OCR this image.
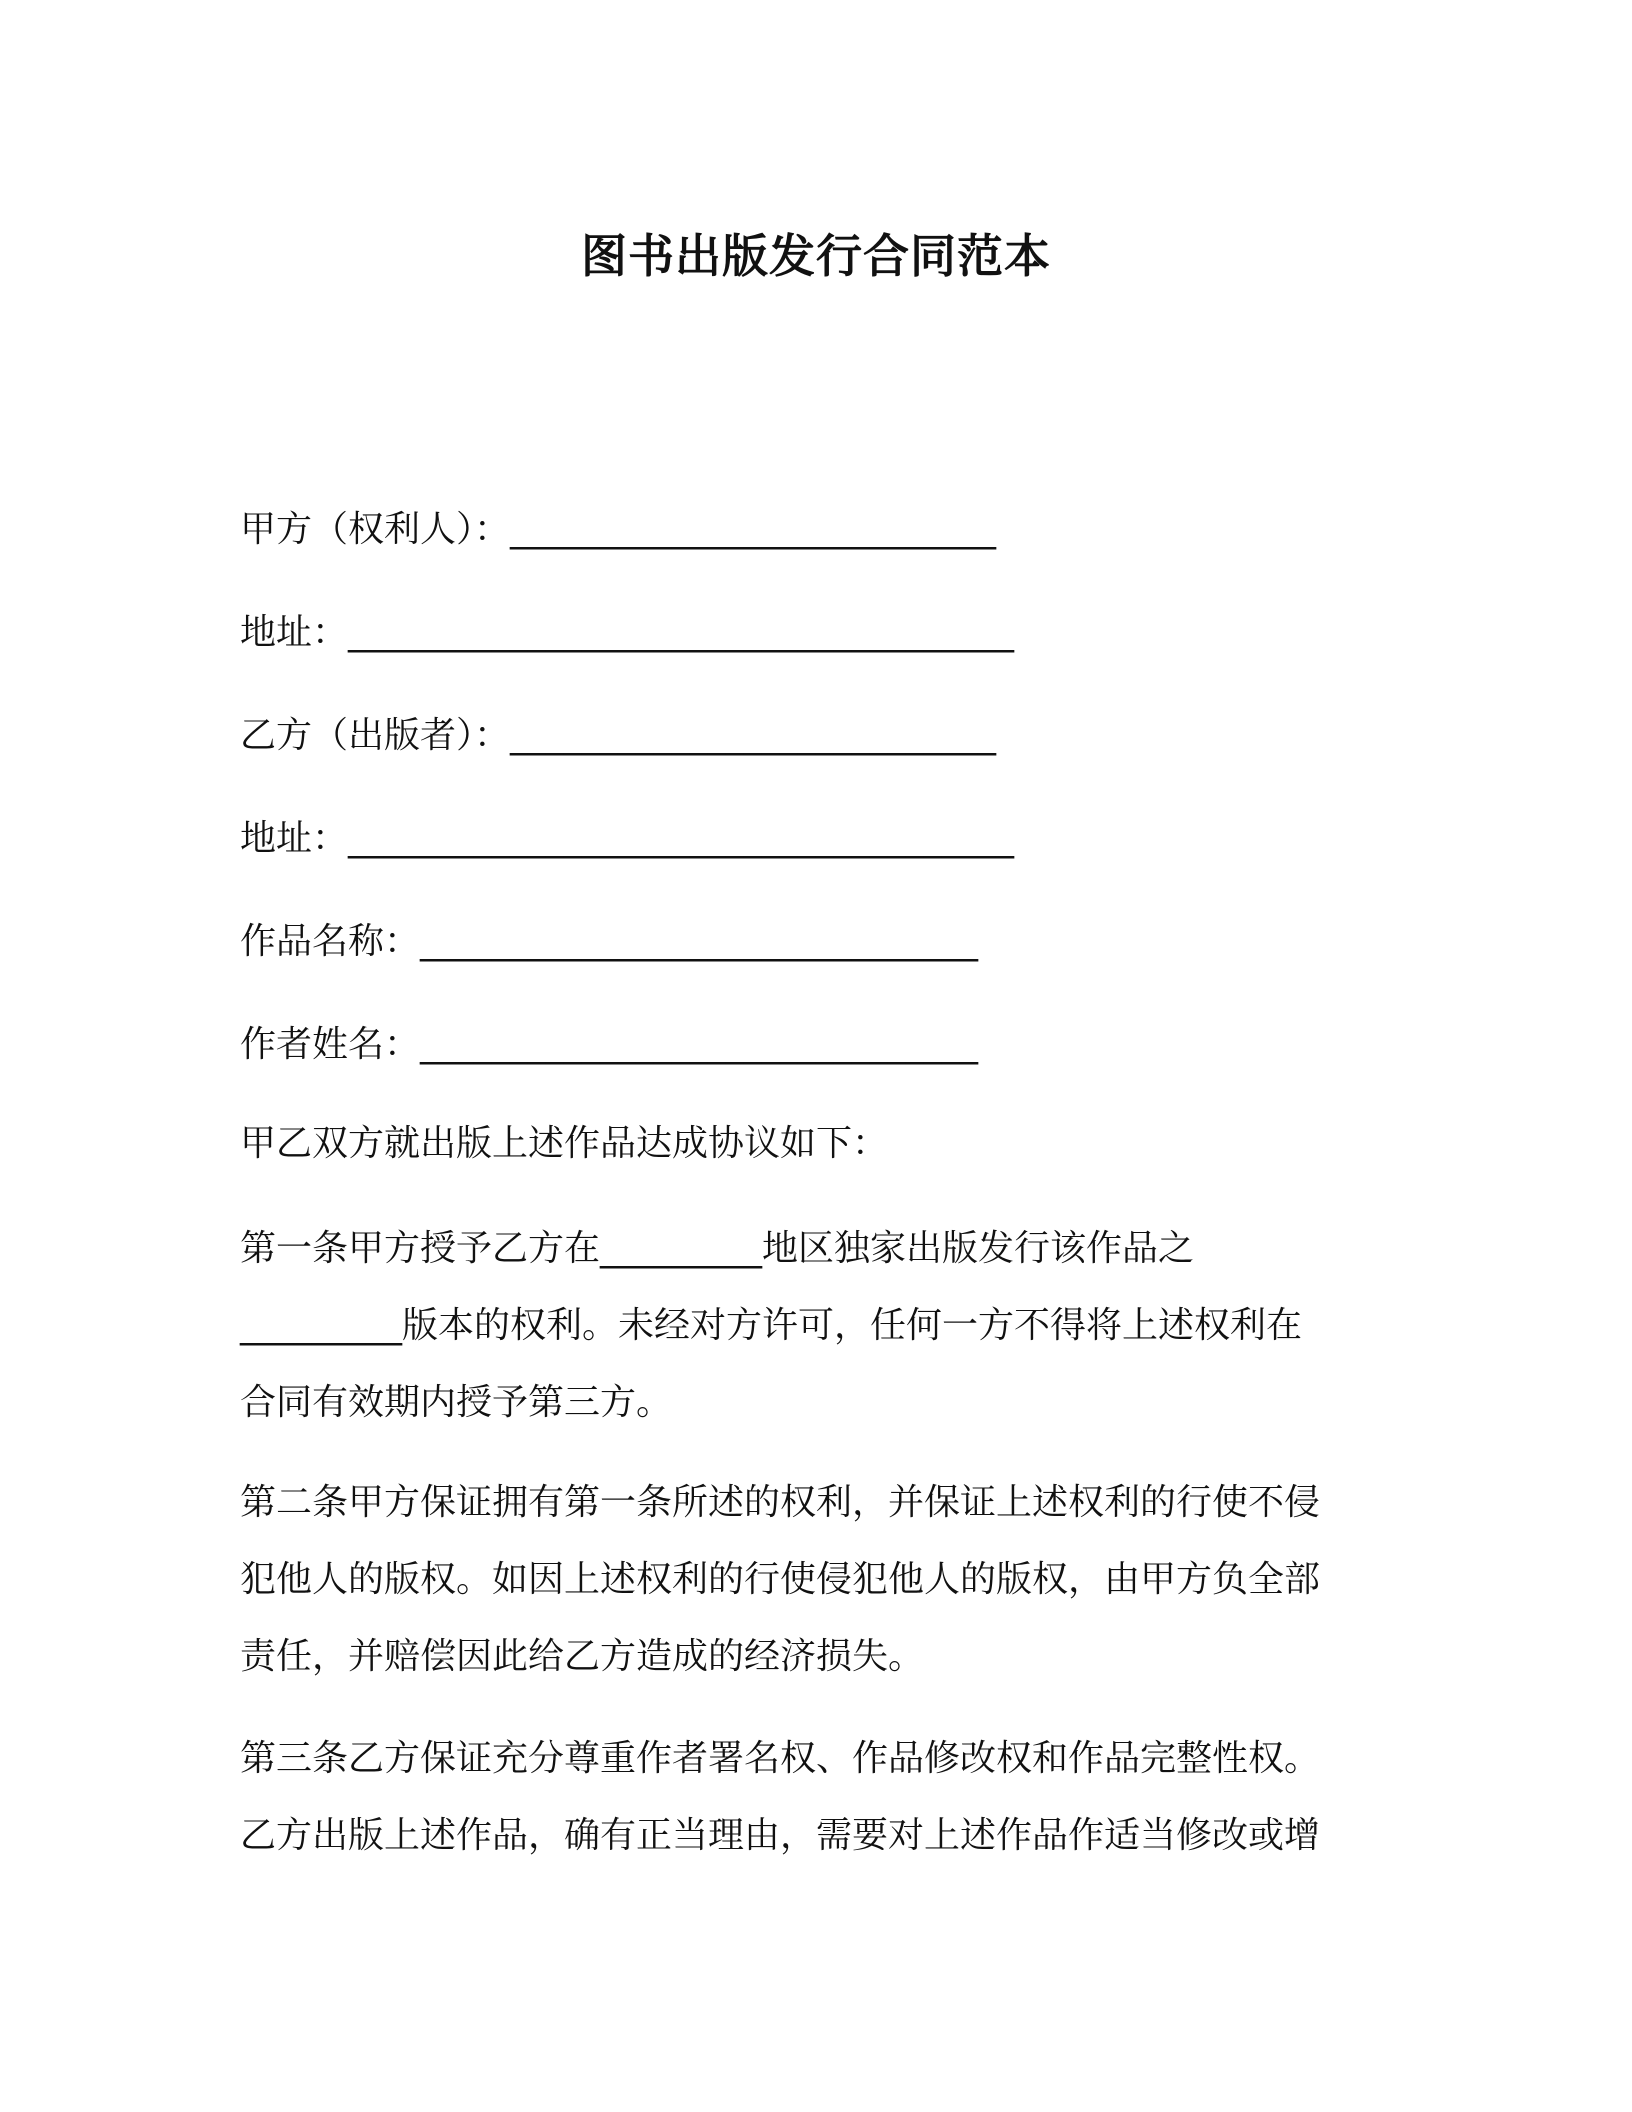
图书出版发行合同范本
甲方（权利人）：___________________________
地址：_____________________________________
乙方（出版者）：___________________________
地址：_____________________________________
作品名称：_______________________________
作者姓名：_______________________________
甲乙双方就出版上述作品达成协议如下：
第一条甲方授予乙方在_________地区独家出版发行该作品之
_________版本的权利。未经对方许可，任何一方不得将上述权利在
合同有效期内授予第三方。
第二条甲方保证拥有第一条所述的权利，并保证上述权利的行使不侵
犯他人的版权。如因上述权利的行使侵犯他人的版权，由甲方负全部
责任，并赔偿因此给乙方造成的经济损失。
第三条乙方保证充分尊重作者署名权、作品修改权和作品完整性权。
乙方出版上述作品，确有正当理由，需要对上述作品作适当修改或增
